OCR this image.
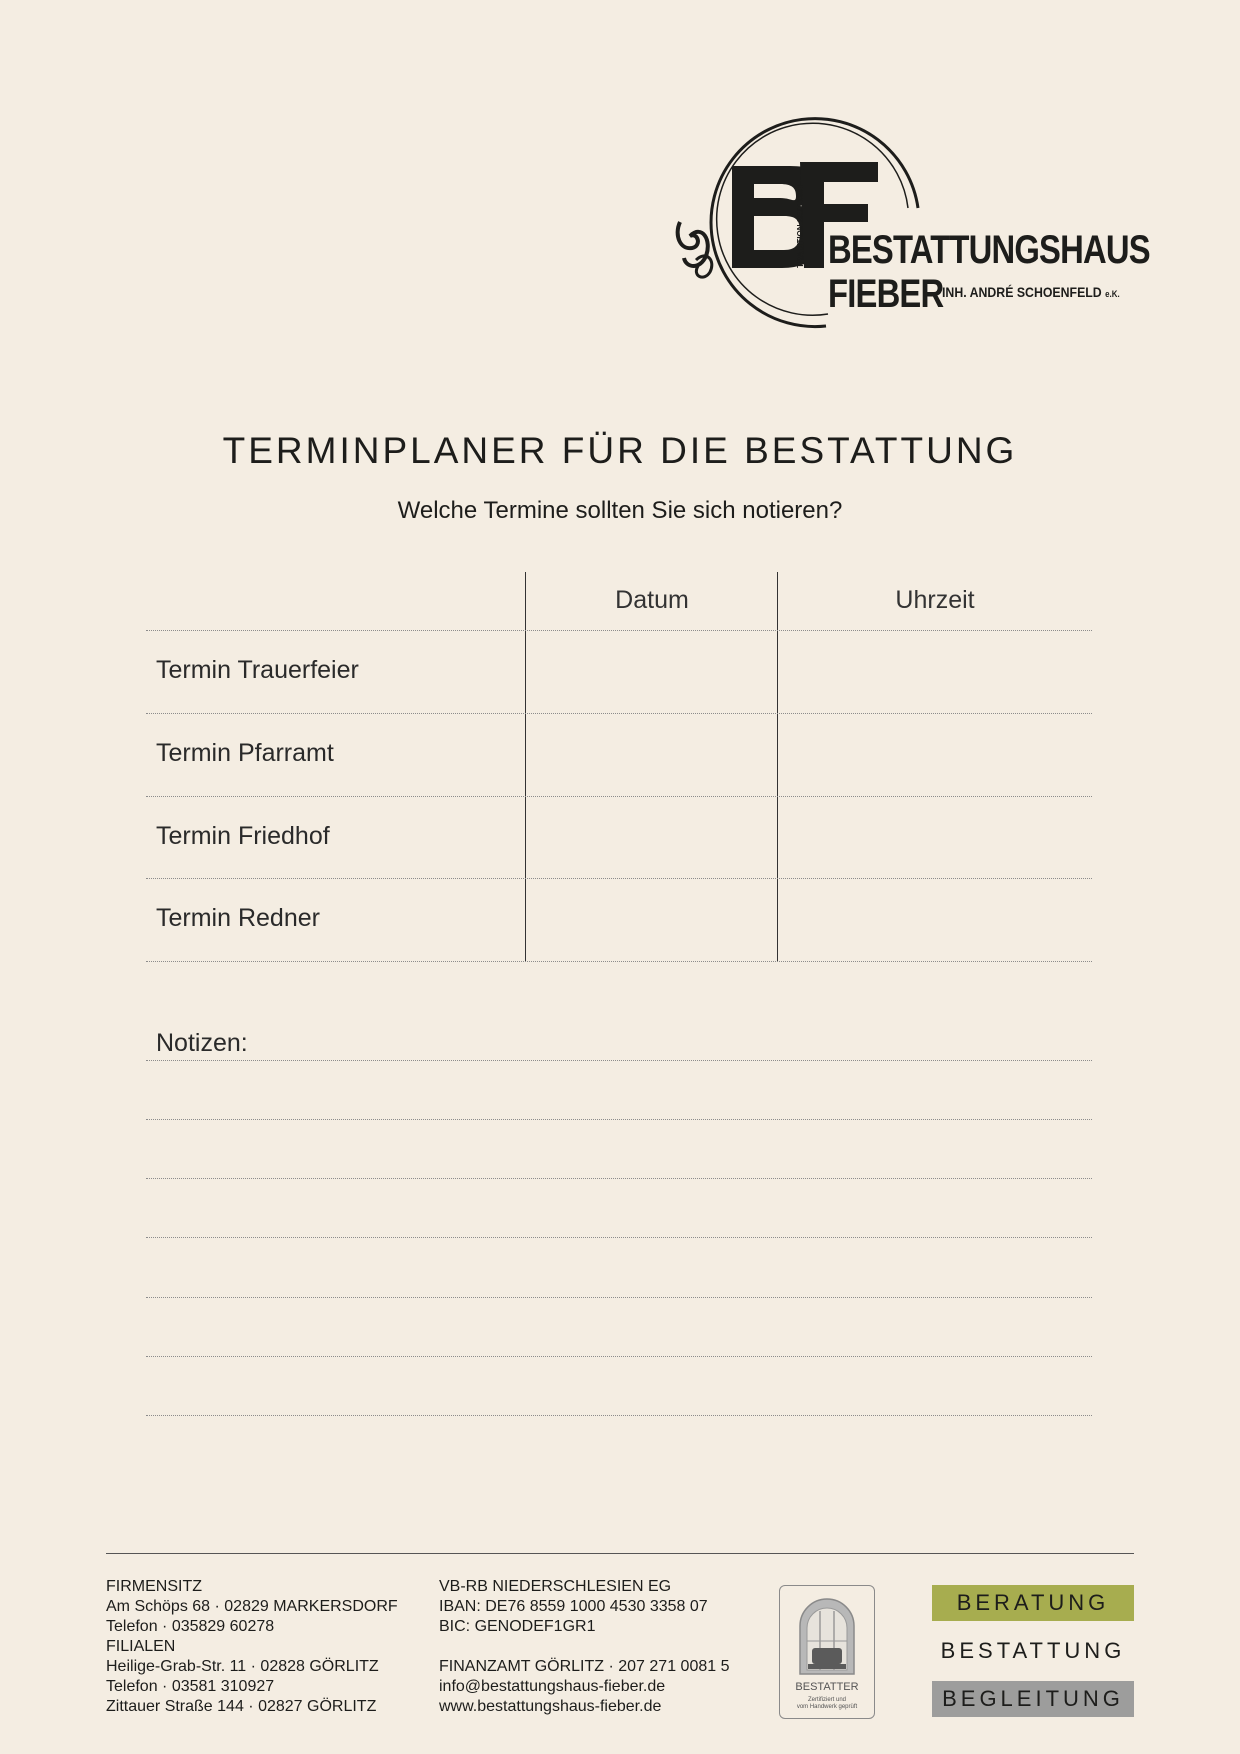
TRADITION SEIT 1991 BESTATTUNGSHAUS
FIEBER
INH. ANDRÉ SCHOENFELD e.K.
TERMINPLANER FÜR DIE BESTATTUNG
Welche Termine sollten Sie sich notieren?
Datum	Uhrzeit
Termin Trauerfeier
Termin Pfarramt
Termin Friedhof
Termin Redner
Notizen:
FIRMENSITZ
Am Schöps 68 · 02829 MARKERSDORF
Telefon · 035829 60278
FILIALEN
Heilige-Grab-Str. 11 · 02828 GÖRLITZ
Telefon · 03581 310927
Zittauer Straße 144 · 02827 GÖRLITZ
VB-RB NIEDERSCHLESIEN EG
IBAN: DE76 8559 1000 4530 3358 07
BIC: GENODEF1GR1
FINANZAMT GÖRLITZ · 207 271 0081 5
info@bestattungshaus-fieber.de
www.bestattungshaus-fieber.de
BESTATTER
Zertifiziert und
vom Handwerk geprüft
BERATUNG
BESTATTUNG
BEGLEITUNG
